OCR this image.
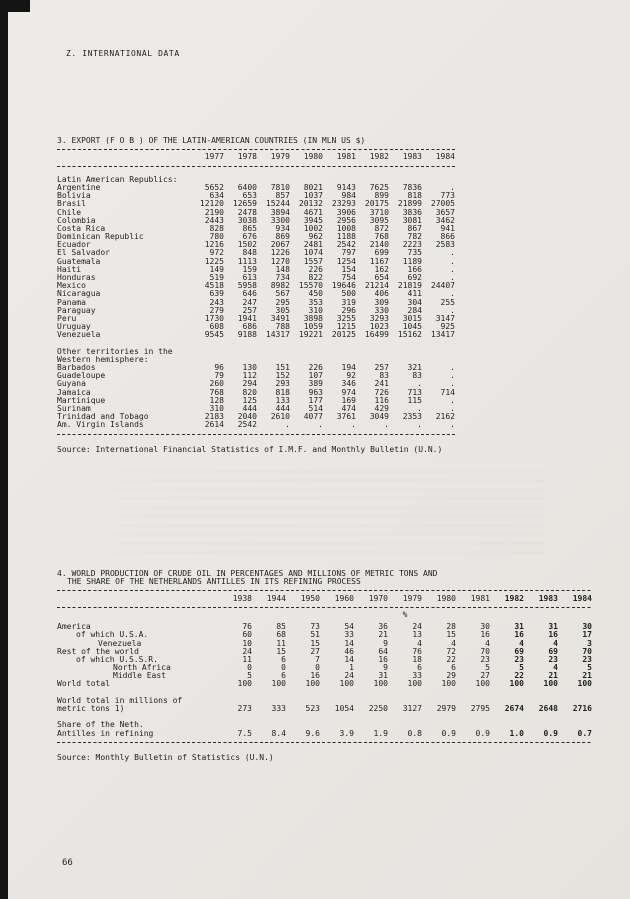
Z. INTERNATIONAL DATA
3. EXPORT (F O B ) OF THE LATIN-AMERICAN COUNTRIES (IN MLN US $)
1977	1978	1979	1980	1981	1982	1983	1984
Latin American Republics:
Argentine	5652	6400	7810	8021	9143	7625	7836	.
Bolivia	634	653	857	1037	984	899	818	773
Brasil	12120	12659	15244	20132	23293	20175	21899	27005
Chile	2190	2478	3894	4671	3906	3710	3836	3657
Colombia	2443	3038	3300	3945	2956	3095	3081	3462
Costa Rica	828	865	934	1002	1008	872	867	941
Dominican Republic	780	676	869	962	1188	768	782	866
Ecuador	1216	1502	2067	2481	2542	2140	2223	2583
El Salvador	972	848	1226	1074	797	699	735	.
Guatemala	1225	1113	1270	1557	1254	1167	1189	.
Haiti	149	159	148	226	154	162	166	.
Honduras	519	613	734	822	754	654	692	.
Mexico	4518	5958	8982	15570	19646	21214	21819	24407
Nicaragua	639	646	567	450	500	406	411	.
Panama	243	247	295	353	319	309	304	255
Paraguay	279	257	305	310	296	330	284	.
Peru	1730	1941	3491	3898	3255	3293	3015	3147
Uruguay	608	686	788	1059	1215	1023	1045	925
Venezuela	9545	9188	14317	19221	20125	16499	15162	13417
Other territories in the
Western hemisphere:
Barbados	96	130	151	226	194	257	321	.
Guadeloupe	79	112	152	107	92	83	83	.
Guyana	260	294	293	389	346	241	.	.
Jamaica	768	820	818	963	974	726	713	714
Martinique	128	125	133	177	169	116	115	.
Surinam	310	444	444	514	474	429	.	.
Trinidad and Tobago	2183	2040	2610	4077	3761	3049	2353	2162
Am. Virgin Islands	2614	2542	.	.	.	.	.	.
Source: International Financial Statistics of I.M.F. and Monthly Bulletin (U.N.)
4. WORLD PRODUCTION OF CRUDE OIL IN PERCENTAGES AND MILLIONS OF METRIC TONS AND
THE SHARE OF THE NETHERLANDS ANTILLES IN ITS REFINING PROCESS
1938	1944	1950	1960	1970	1979	1980	1981	1982	1983	1984
%
America	76	85	73	54	36	24	28	30	31	31	30
of which U.S.A.	60	68	51	33	21	13	15	16	16	16	17
Venezuela	10	11	15	14	9	4	4	4	4	4	3
Rest of the world	24	15	27	46	64	76	72	70	69	69	70
of which U.S.S.R.	11	6	7	14	16	18	22	23	23	23	23
North Africa	0	0	0	1	9	6	6	5	5	4	5
Middle East	5	6	16	24	31	33	29	27	22	21	21
World total	100	100	100	100	100	100	100	100	100	100	100
World total in millions of
metric tons 1)	273	333	523	1054	2250	3127	2979	2795	2674	2648	2716
Share of the Neth.
Antilles in refining	7.5	8.4	9.6	3.9	1.9	0.8	0.9	0.9	1.0	0.9	0.7
Source: Monthly Bulletin of Statistics (U.N.)
66
